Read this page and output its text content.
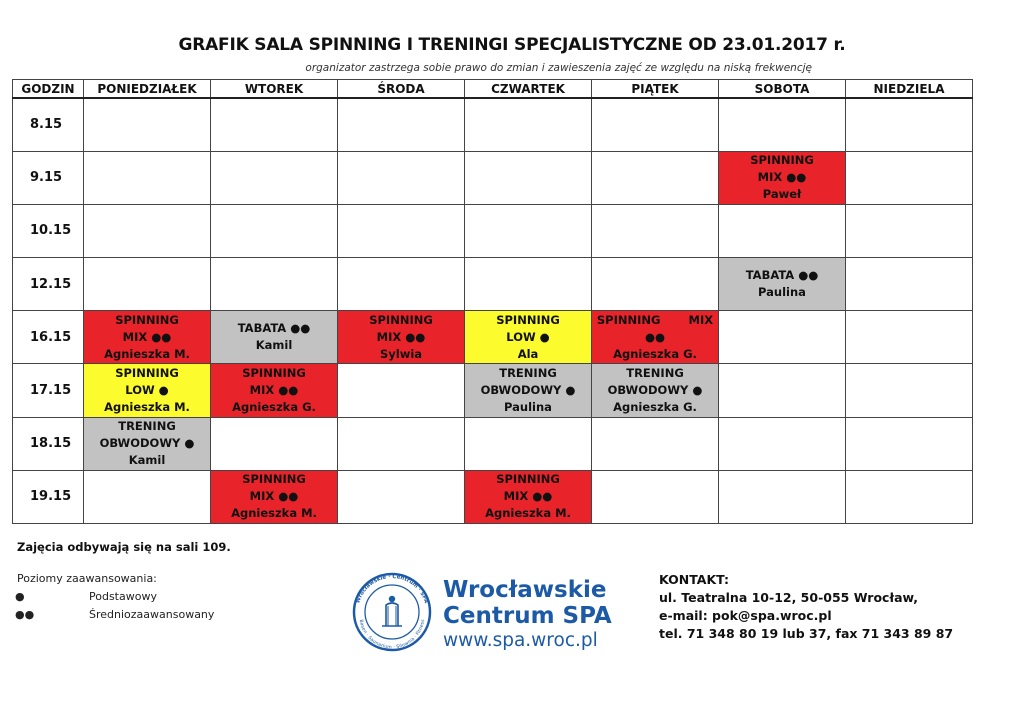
GRAFIK SALA SPINNING I TRENINGI SPECJALISTYCZNE OD 23.01.2017 r.
organizator zastrzega sobie prawo do zmian i zawieszenia zajęć ze względu na niską frekwencję
GODZIN	PONIEDZIAŁEK	WTOREK	ŚRODA	CZWARTEK	PIĄTEK	SOBOTA	NIEDZIELA
8.15							
9.15						SPINNING
MIX ●●
Paweł	

10.15							
12.15						TABATA ●●
Paulina	

16.15	SPINNING
MIX ●●
Agnieszka M.	TABATA ●●
Kamil	SPINNING
MIX ●●
Sylwia	SPINNING
LOW ●
Ala	SPINNING       MIX
●●
Agnieszka G.		

17.15	SPINNING
LOW ●
Agnieszka M.	SPINNING
MIX ●●
Agnieszka G.		TRENING
OBWODOWY ●
Paulina	TRENING
OBWODOWY ●
Agnieszka G.		

18.15	TRENING
OBWODOWY ●
Kamil						

19.15		SPINNING
MIX ●●
Agnieszka M.		SPINNING
MIX ●●
Agnieszka M.			

Zajęcia odbywają się na sali 109.
Poziomy zaawansowania:
●	Podstawowy
●●	Średniozaawansowany
Wrocławskie · Centrum · SPA
Basen · Saunarium · Siłownia · Fitness
Wrocławskie
Centrum SPA
www.spa.wroc.pl
KONTAKT:
ul. Teatralna 10-12, 50-055 Wrocław,
e-mail: pok@spa.wroc.pl
tel. 71 348 80 19 lub 37, fax 71 343 89 87
